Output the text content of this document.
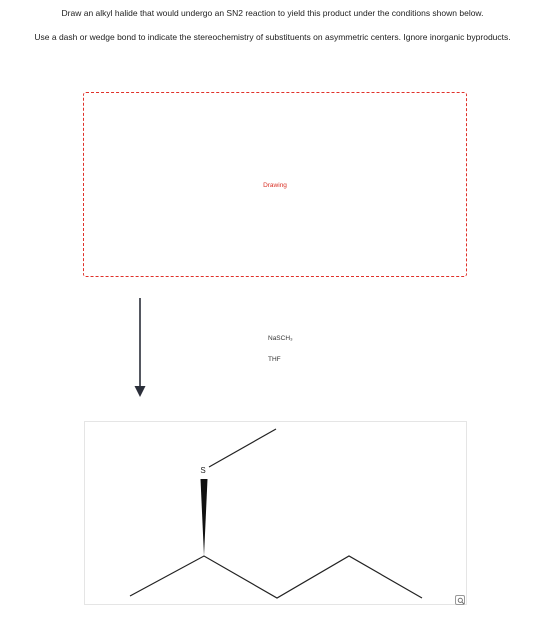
Draw an alkyl halide that would undergo an SN2 reaction to yield this product under the conditions shown below.
Use a dash or wedge bond to indicate the stereochemistry of substituents on asymmetric centers. Ignore inorganic byproducts.
Drawing
NaSCH₃
THF
S
